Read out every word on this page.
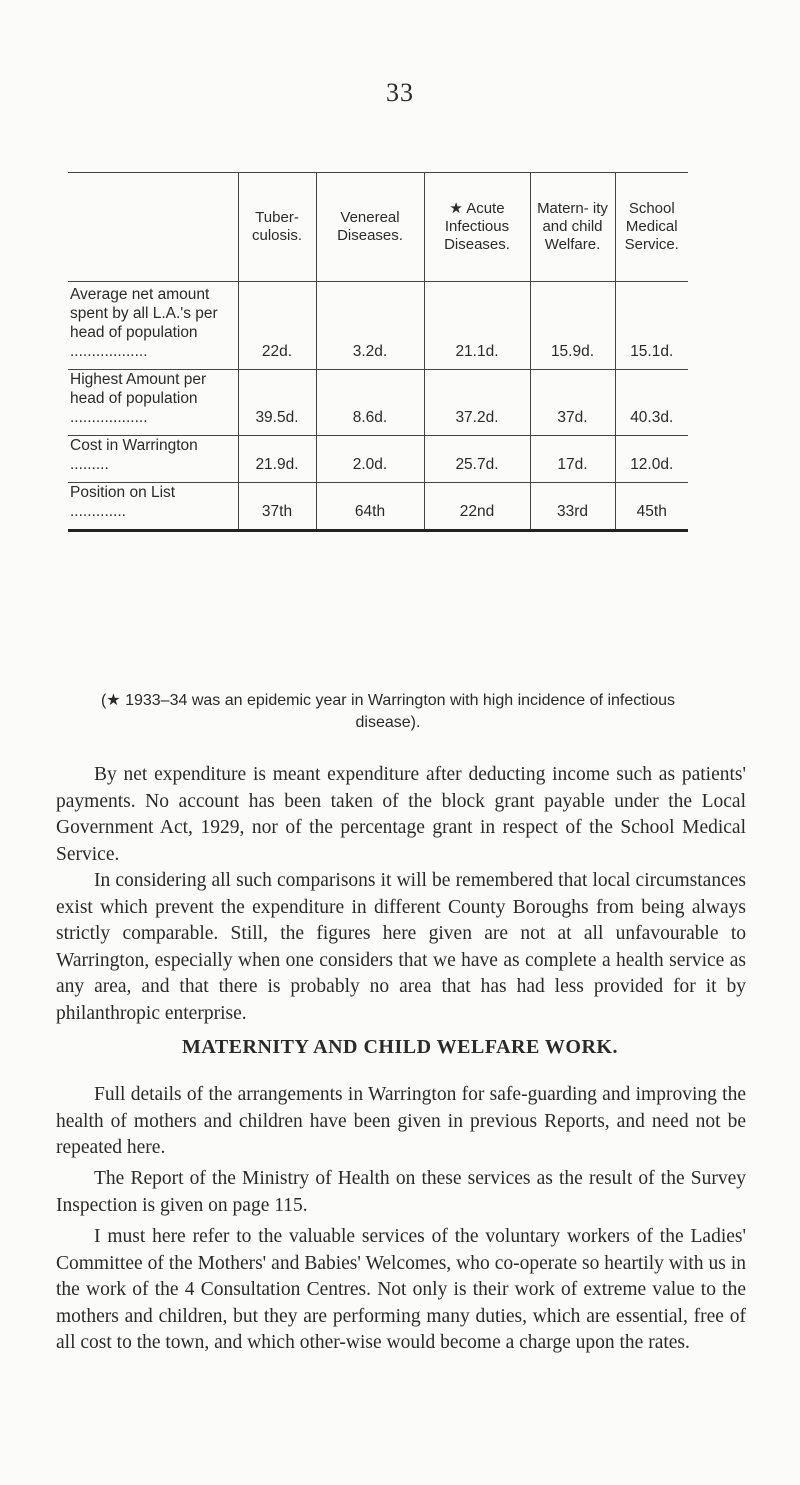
33
	Tuber- culosis.	Venereal Diseases.	★ Acute Infectious Diseases.	Matern- ity and child Welfare.	School Medical Service.
Average net amount spent by all L.A.'s per head of population ..................	22d.	3.2d.	21.1d.	15.9d.	15.1d.
Highest Amount per head of population ..................	39.5d.	8.6d.	37.2d.	37d.	40.3d.
Cost in Warrington .........	21.9d.	2.0d.	25.7d.	17d.	12.0d.
Position on List .............	37th	64th	22nd	33rd	45th
(★ 1933–34 was an epidemic year in Warrington with high incidence of infectious disease).

By net expenditure is meant expenditure after deducting income such as patients' payments. No account has been taken of the block grant payable under the Local Government Act, 1929, nor of the percentage grant in respect of the School Medical Service.

In considering all such comparisons it will be remembered that local circumstances exist which prevent the expenditure in different County Boroughs from being always strictly comparable. Still, the figures here given are not at all unfavourable to Warrington, especially when one considers that we have as complete a health service as any area, and that there is probably no area that has had less provided for it by philanthropic enterprise.

MATERNITY AND CHILD WELFARE WORK.

Full details of the arrangements in Warrington for safe-guarding and improving the health of mothers and children have been given in previous Reports, and need not be repeated here.

The Report of the Ministry of Health on these services as the result of the Survey Inspection is given on page 115.

I must here refer to the valuable services of the voluntary workers of the Ladies' Committee of the Mothers' and Babies' Welcomes, who co-operate so heartily with us in the work of the 4 Consultation Centres. Not only is their work of extreme value to the mothers and children, but they are performing many duties, which are essential, free of all cost to the town, and which other-wise would become a charge upon the rates.
